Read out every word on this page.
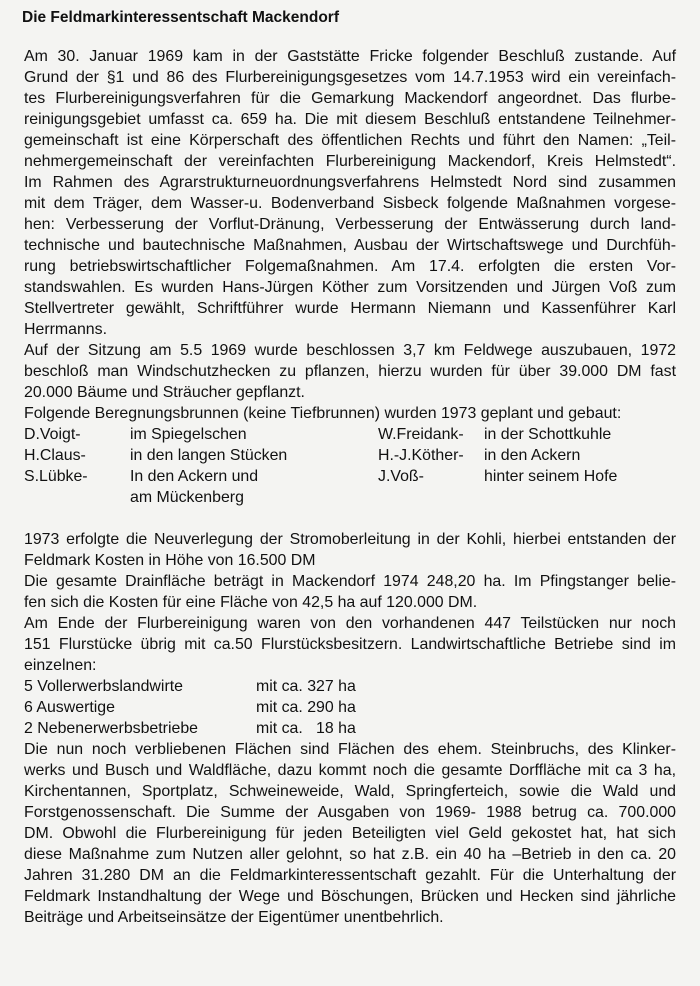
Die Feldmarkinteressentschaft Mackendorf
Am 30. Januar 1969 kam in der Gaststätte Fricke folgender Beschluß zustande. Auf
Grund der §1 und 86 des Flurbereinigungsgesetzes vom 14.7.1953 wird ein vereinfach-
tes Flurbereinigungsverfahren für die Gemarkung Mackendorf angeordnet. Das flurbe-
reinigungsgebiet umfasst ca. 659 ha. Die mit diesem Beschluß entstandene Teilnehmer-
gemeinschaft ist eine Körperschaft des öffentlichen Rechts und führt den Namen: „Teil-
nehmergemeinschaft der vereinfachten Flurbereinigung Mackendorf, Kreis Helmstedt“.
Im Rahmen des Agrarstrukturneuordnungsverfahrens Helmstedt Nord sind zusammen
mit dem Träger, dem Wasser-u. Bodenverband Sisbeck folgende Maßnahmen vorgese-
hen: Verbesserung der Vorflut-Dränung, Verbesserung der Entwässerung durch land-
technische und bautechnische Maßnahmen, Ausbau der Wirtschaftswege und Durchfüh-
rung betriebswirtschaftlicher Folgemaßnahmen. Am 17.4. erfolgten die ersten Vor-
standswahlen. Es wurden Hans-Jürgen Köther zum Vorsitzenden und Jürgen Voß zum
Stellvertreter gewählt, Schriftführer wurde Hermann Niemann und Kassenführer Karl
Herrmanns.
Auf der Sitzung am 5.5 1969 wurde beschlossen 3,7 km Feldwege auszubauen, 1972
beschloß man Windschutzhecken zu pflanzen, hierzu wurden für über 39.000 DM fast
20.000 Bäume und Sträucher gepflanzt.
Folgende Beregnungsbrunnen (keine Tiefbrunnen) wurden 1973 geplant und gebaut:
D.Voigt-	im Spiegelschen	W.Freidank-	in der Schottkuhle
H.Claus-	in den langen Stücken	H.-J.Köther-	in den Ackern
S.Lübke-	In den Ackern und	J.Voß-	hinter seinem Hofe
am Mückenberg
1973 erfolgte die Neuverlegung der Stromoberleitung in der Kohli, hierbei entstanden der
Feldmark Kosten in Höhe von 16.500 DM
Die gesamte Drainfläche beträgt in Mackendorf 1974 248,20 ha. Im Pfingstanger belie-
fen sich die Kosten für eine Fläche von 42,5 ha auf 120.000 DM.
Am Ende der Flurbereinigung waren von den vorhandenen 447 Teilstücken nur noch
151 Flurstücke übrig mit ca.50 Flurstücksbesitzern. Landwirtschaftliche Betriebe sind im
einzelnen:
5 Vollerwerbslandwirte	mit ca. 327 ha
6 Auswertige	mit ca. 290 ha
2 Nebenerwerbsbetriebe	mit ca.   18 ha
Die nun noch verbliebenen Flächen sind Flächen des ehem. Steinbruchs, des Klinker-
werks und Busch und Waldfläche, dazu kommt noch die gesamte Dorffläche mit ca 3 ha,
Kirchentannen, Sportplatz, Schweineweide, Wald, Springferteich, sowie die Wald und
Forstgenossenschaft. Die Summe der Ausgaben von 1969- 1988 betrug ca. 700.000
DM. Obwohl die Flurbereinigung für jeden Beteiligten viel Geld gekostet hat, hat sich
diese Maßnahme zum Nutzen aller gelohnt, so hat z.B. ein 40 ha –Betrieb in den ca. 20
Jahren 31.280 DM an die Feldmarkinteressentschaft gezahlt. Für die Unterhaltung der
Feldmark Instandhaltung der Wege und Böschungen, Brücken und Hecken sind jährliche
Beiträge und Arbeitseinsätze der Eigentümer unentbehrlich.
